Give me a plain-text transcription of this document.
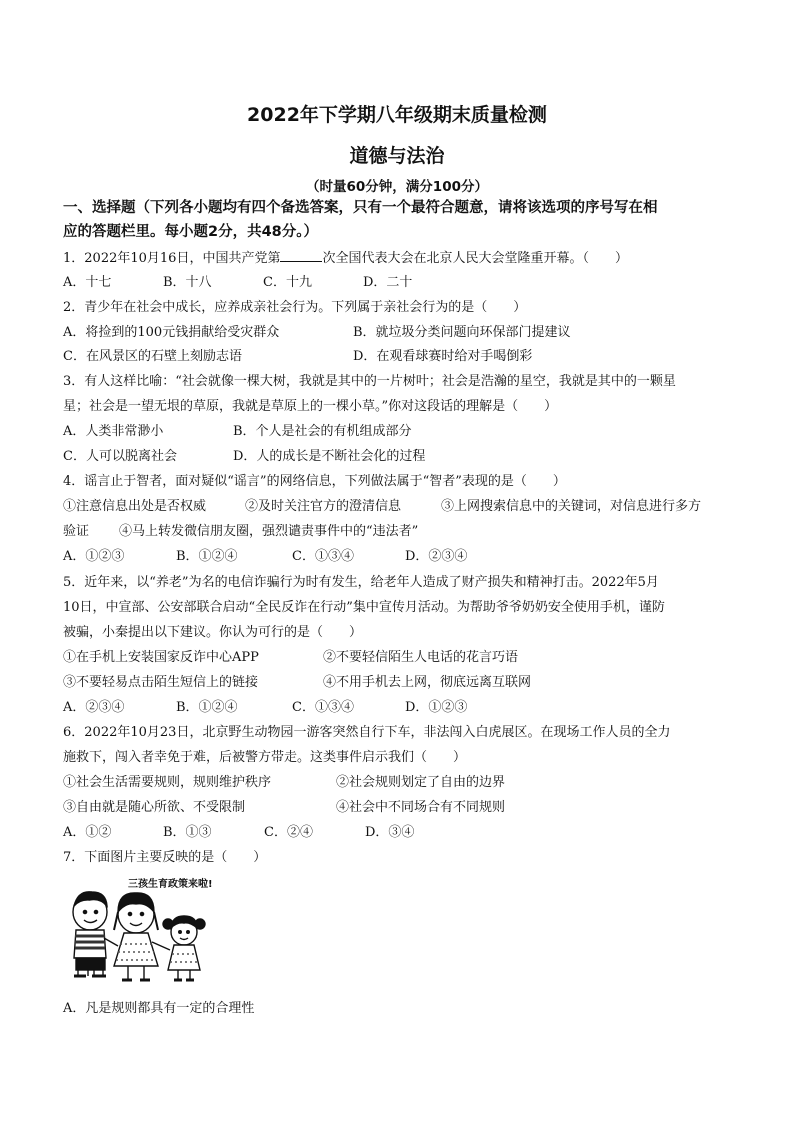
2022年下学期八年级期末质量检测
道德与法治
（时量60分钟，满分100分）
一、选择题（下列各小题均有四个备选答案，只有一个最符合题意，请将该选项的序号写在相
应的答题栏里。每小题2分，共48分。）
1．2022年10月16日，中国共产党第	次全国代表大会在北京人民大会堂隆重开幕。（　　）
A．十七	B．十八	C．十九	D．二十
2．青少年在社会中成长，应养成亲社会行为。下列属于亲社会行为的是（　　）
A．将捡到的100元钱捐献给受灾群众	B．就垃圾分类问题向环保部门提建议
C．在风景区的石壁上刻励志语	D．在观看球赛时给对手喝倒彩
3．有人这样比喻：“社会就像一棵大树，我就是其中的一片树叶；社会是浩瀚的星空，我就是其中的一颗星
星；社会是一望无垠的草原，我就是草原上的一棵小草。”你对这段话的理解是（　　）
A．人类非常渺小	B．个人是社会的有机组成部分
C．人可以脱离社会	D．人的成长是不断社会化的过程
4．谣言止于智者，面对疑似“谣言”的网络信息，下列做法属于“智者”表现的是（　　）
①注意信息出处是否权威	②及时关注官方的澄清信息	③上网搜索信息中的关键词，对信息进行多方
验证 ④马上转发微信朋友圈，强烈谴责事件中的“违法者”
A．①②③	B．①②④	C．①③④	D．②③④
5．近年来，以“养老”为名的电信诈骗行为时有发生，给老年人造成了财产损失和精神打击。2022年5月
10日，中宣部、公安部联合启动“全民反诈在行动”集中宣传月活动。为帮助爷爷奶奶安全使用手机，谨防
被骗，小秦提出以下建议。你认为可行的是（　　）
①在手机上安装国家反诈中心APP	②不要轻信陌生人电话的花言巧语
③不要轻易点击陌生短信上的链接	④不用手机去上网，彻底远离互联网
A．②③④	B．①②④	C．①③④	D．①②③
6．2022年10月23日，北京野生动物园一游客突然自行下车，非法闯入白虎展区。在现场工作人员的全力
施救下，闯入者幸免于难，后被警方带走。这类事件启示我们（　　）
①社会生活需要规则，规则维护秩序	②社会规则划定了自由的边界
③自由就是随心所欲、不受限制	④社会中不同场合有不同规则
A．①②	B．①③	C．②④	D．③④
7．下面图片主要反映的是（　　）
三孩生育政策来啦!
A．凡是规则都具有一定的合理性
